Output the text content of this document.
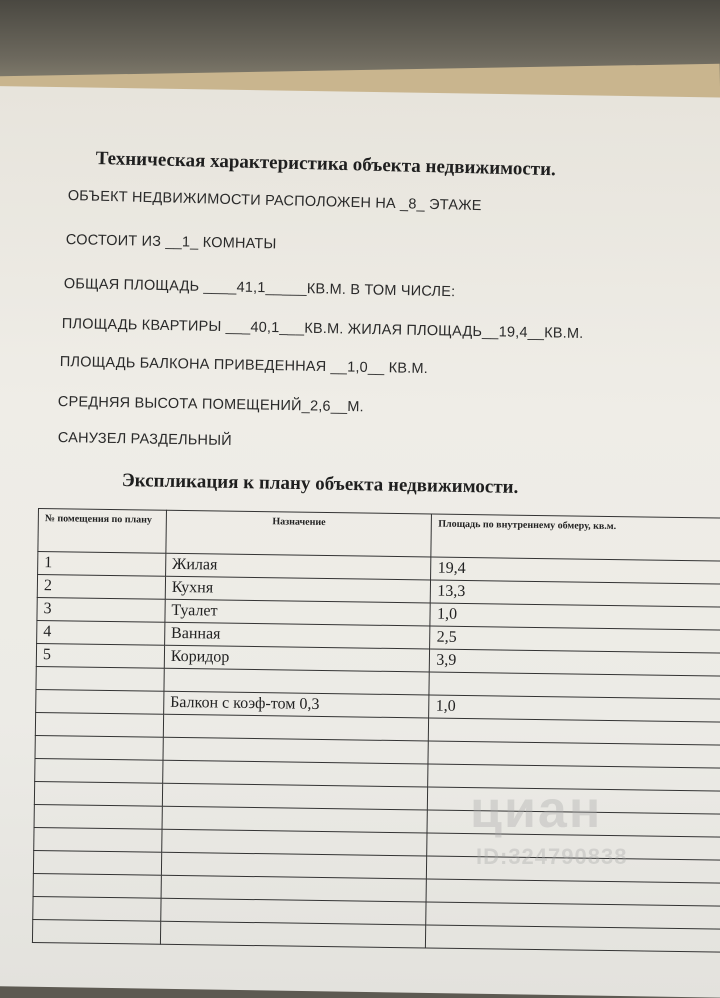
Техническая характеристика объекта недвижимости.
ОБЪЕКТ НЕДВИЖИМОСТИ РАСПОЛОЖЕН НА _8_ ЭТАЖЕ
СОСТОИТ ИЗ __1_ КОМНАТЫ
ОБЩАЯ ПЛОЩАДЬ ____41,1_____КВ.М. В ТОМ ЧИСЛЕ:
ПЛОЩАДЬ КВАРТИРЫ ___40,1___КВ.М. ЖИЛАЯ ПЛОЩАДЬ__19,4__КВ.М.
ПЛОЩАДЬ БАЛКОНА ПРИВЕДЕННАЯ __1,0__ КВ.М.
СРЕДНЯЯ ВЫСОТА ПОМЕЩЕНИЙ_2,6__М.
САНУЗЕЛ РАЗДЕЛЬНЫЙ
Экспликация к плану объекта недвижимости.
№ помещения по плану	Назначение	Площадь по внутреннему обмеру, кв.м.
1	Жилая	19,4
2	Кухня	13,3
3	Туалет	1,0
4	Ванная	2,5
5	Коридор	3,9

	Балкон с коэф-том 0,3	1,0

циан
ID:324790838
